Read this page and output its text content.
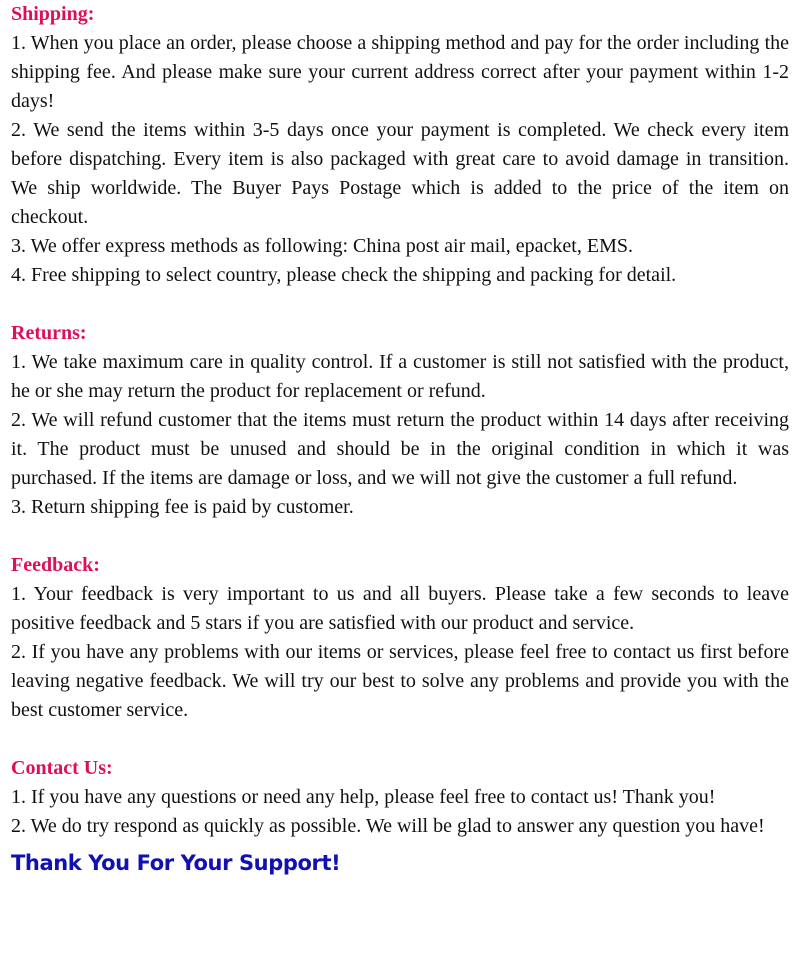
Shipping:

1. When you place an order, please choose a shipping method and pay for the order including the shipping fee. And please make sure your current address correct after your payment within 1-2 days!

2. We send the items within 3-5 days once your payment is completed. We check every item before dispatching. Every item is also packaged with great care to avoid damage in transition. We ship worldwide. The Buyer Pays Postage which is added to the price of the item on checkout.

3. We offer express methods as following: China post air mail, epacket, EMS.

4. Free shipping to select country, please check the shipping and packing for detail.

Returns:

1. We take maximum care in quality control. If a customer is still not satisfied with the product, he or she may return the product for replacement or refund.

2. We will refund customer that the items must return the product within 14 days after receiving it. The product must be unused and should be in the original condition in which it was purchased. If the items are damage or loss, and we will not give the customer a full refund.

3. Return shipping fee is paid by customer.

Feedback:

1. Your feedback is very important to us and all buyers. Please take a few seconds to leave positive feedback and 5 stars if you are satisfied with our product and service.

2. If you have any problems with our items or services, please feel free to contact us first before leaving negative feedback. We will try our best to solve any problems and provide you with the best customer service.

Contact Us:

1. If you have any questions or need any help, please feel free to contact us! Thank you!

2. We do try respond as quickly as possible. We will be glad to answer any question you have!

Thank You For Your Support!
